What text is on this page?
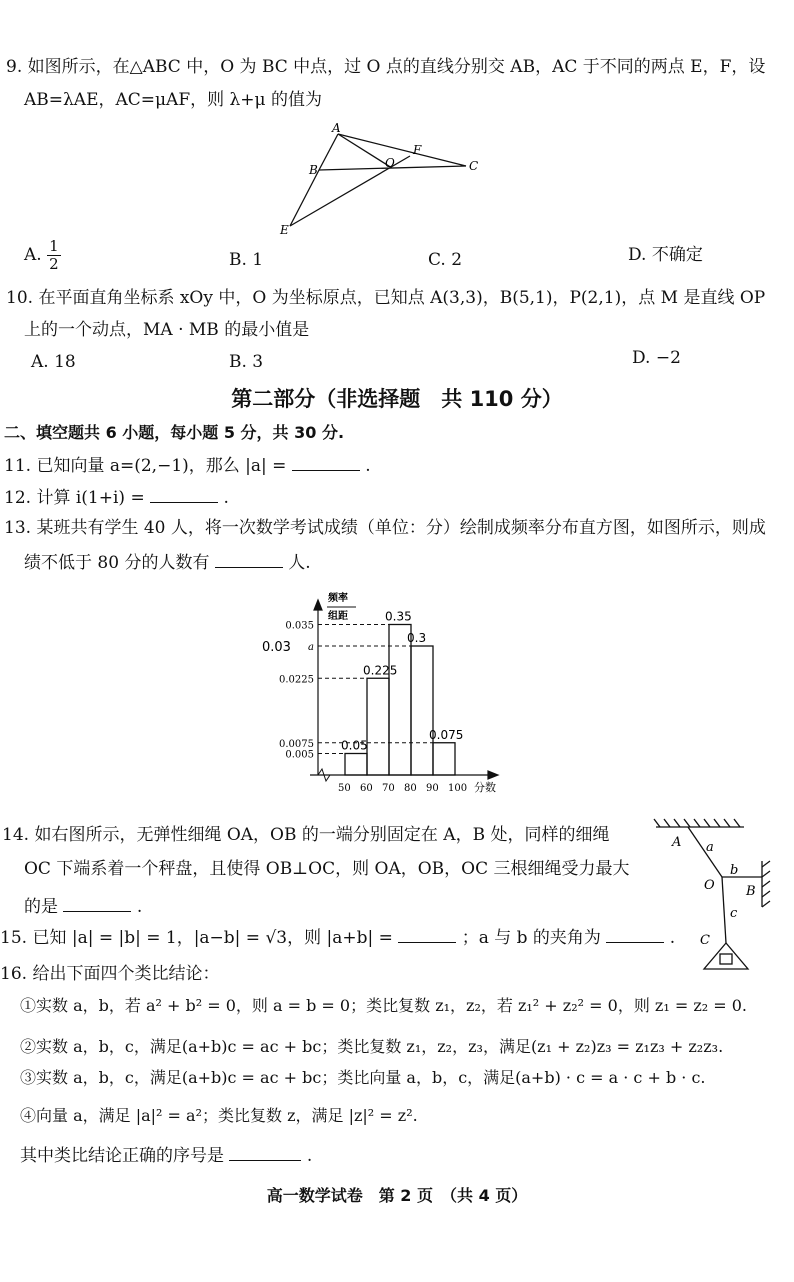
9. 如图所示，在△ABC 中，O 为 BC 中点，过 O 点的直线分别交 AB，AC 于不同的两点 E，F，设
AB=λAE，AC=μAF，则 λ+μ 的值为
A
B	O
F
C
E
A. $\frac{1}{2}$	B. 1	C. 2	D. 不确定
10. 在平面直角坐标系 xOy 中，O 为坐标原点，已知点 A(3,3)，B(5,1)，P(2,1)，点 M 是直线 OP
上的一个动点，MA · MB 的最小值是
A. 18	B. 3	D. −2
第二部分（非选择题　共 110 分）
二、填空题共 6 小题，每小题 5 分，共 30 分.
11. 已知向量 a=(2,−1)，那么 |a| =	.
12. 计算 i(1+i) =	.
13. 某班共有学生 40 人，将一次数学考试成绩（单位：分）绘制成频率分布直方图，如图所示，则成
绩不低于 80 分的人数有	人.
频率
组距
分数
0.05
0.225
0.35
0.3
0.075
50 60 70 80 90 100
0.035
a
0.0225
0.0075
0.005
0.03
14. 如右图所示，无弹性细绳 OA，OB 的一端分别固定在 A，B 处，同样的细绳
OC 下端系着一个秤盘，且使得 OB⊥OC，则 OA，OB，OC 三根细绳受力最大
的是	.
A a
O
b
B
c
C
15. 已知 |a| = |b| = 1，|a−b| = √3，则 |a+b| =	；a 与 b 的夹角为	.
16. 给出下面四个类比结论：
①实数 a，b，若 a² + b² = 0，则 a = b = 0；类比复数 z₁，z₂，若 z₁² + z₂² = 0，则 z₁ = z₂ = 0.
②实数 a，b，c，满足(a+b)c = ac + bc；类比复数 z₁，z₂，z₃，满足(z₁ + z₂)z₃ = z₁z₃ + z₂z₃.
③实数 a，b，c，满足(a+b)c = ac + bc；类比向量 a，b，c，满足(a+b) · c = a · c + b · c.
④向量 a，满足 |a|² = a²；类比复数 z，满足 |z|² = z².
其中类比结论正确的序号是	.
高一数学试卷　第 2 页　（共 4 页）
